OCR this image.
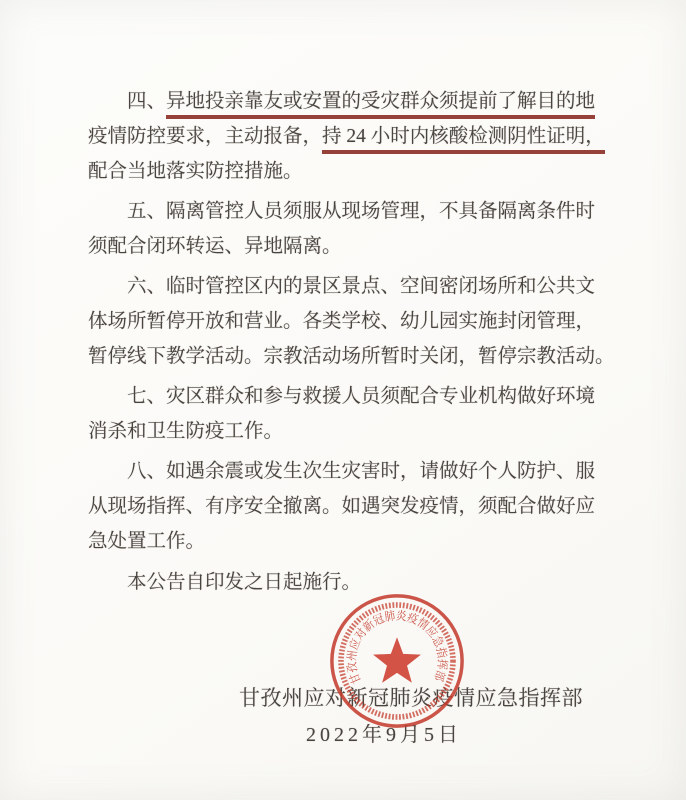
四、异地投亲靠友或安置的受灾群众须提前了解目的地
疫情防控要求，主动报备，持 24 小时内核酸检测阴性证明，
配合当地落实防控措施。
五、隔离管控人员须服从现场管理，不具备隔离条件时
须配合闭环转运、异地隔离。
六、临时管控区内的景区景点、空间密闭场所和公共文
体场所暂停开放和营业。各类学校、幼儿园实施封闭管理，
暂停线下教学活动。宗教活动场所暂时关闭，暂停宗教活动。
七、灾区群众和参与救援人员须配合专业机构做好环境
消杀和卫生防疫工作。
八、如遇余震或发生次生灾害时，请做好个人防护、服
从现场指挥、有序安全撤离。如遇突发疫情，须配合做好应
急处置工作。
本公告自印发之日起施行。
甘孜州应对新冠肺炎疫情应急指挥部
2022年9月5日
甘孜州应对新冠肺炎疫情应急指挥部
